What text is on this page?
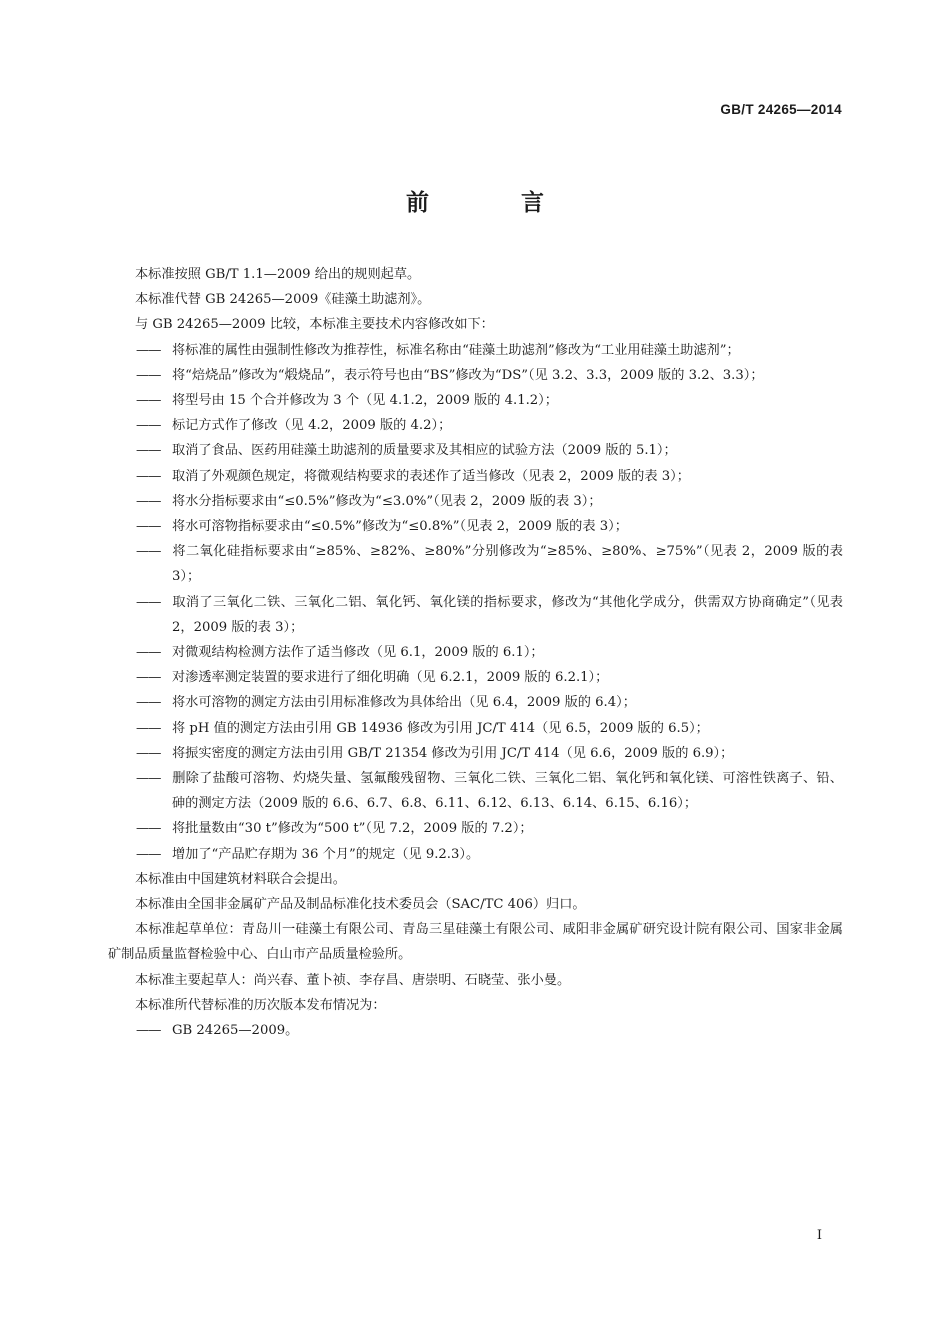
GB/T 24265—2014
前 言

本标准按照 GB/T 1.1—2009 给出的规则起草。

本标准代替 GB 24265—2009《硅藻土助滤剂》。

与 GB 24265—2009 比较，本标准主要技术内容修改如下：

—— 将标准的属性由强制性修改为推荐性，标准名称由“硅藻土助滤剂”修改为“工业用硅藻土助滤剂”；

—— 将“焙烧品”修改为“煅烧品”，表示符号也由“BS”修改为“DS”（见 3.2、3.3，2009 版的 3.2、3.3）；

—— 将型号由 15 个合并修改为 3 个（见 4.1.2，2009 版的 4.1.2）；

—— 标记方式作了修改（见 4.2，2009 版的 4.2）；

—— 取消了食品、医药用硅藻土助滤剂的质量要求及其相应的试验方法（2009 版的 5.1）；

—— 取消了外观颜色规定，将微观结构要求的表述作了适当修改（见表 2，2009 版的表 3）；

—— 将水分指标要求由“≤0.5%”修改为“≤3.0%”（见表 2，2009 版的表 3）；

—— 将水可溶物指标要求由“≤0.5%”修改为“≤0.8%”（见表 2，2009 版的表 3）；

—— 将二氧化硅指标要求由“≥85%、≥82%、≥80%”分别修改为“≥85%、≥80%、≥75%”（见表 2，2009 版的表 3）；

—— 取消了三氧化二铁、三氧化二铝、氧化钙、氧化镁的指标要求，修改为“其他化学成分，供需双方协商确定”（见表 2，2009 版的表 3）；

—— 对微观结构检测方法作了适当修改（见 6.1，2009 版的 6.1）；

—— 对渗透率测定装置的要求进行了细化明确（见 6.2.1，2009 版的 6.2.1）；

—— 将水可溶物的测定方法由引用标准修改为具体给出（见 6.4，2009 版的 6.4）；

—— 将 pH 值的测定方法由引用 GB 14936 修改为引用 JC/T 414（见 6.5，2009 版的 6.5）；

—— 将振实密度的测定方法由引用 GB/T 21354 修改为引用 JC/T 414（见 6.6，2009 版的 6.9）；

—— 删除了盐酸可溶物、灼烧失量、氢氟酸残留物、三氧化二铁、三氧化二铝、氧化钙和氧化镁、可溶性铁离子、铅、砷的测定方法（2009 版的 6.6、6.7、6.8、6.11、6.12、6.13、6.14、6.15、6.16）；

—— 将批量数由“30 t”修改为“500 t”（见 7.2，2009 版的 7.2）；

—— 增加了“产品贮存期为 36 个月”的规定（见 9.2.3）。

本标准由中国建筑材料联合会提出。

本标准由全国非金属矿产品及制品标准化技术委员会（SAC/TC 406）归口。

本标准起草单位：青岛川一硅藻土有限公司、青岛三星硅藻土有限公司、咸阳非金属矿研究设计院有限公司、国家非金属矿制品质量监督检验中心、白山市产品质量检验所。

本标准主要起草人：尚兴春、董卜祯、李存昌、唐崇明、石晓莹、张小曼。

本标准所代替标准的历次版本发布情况为：

—— GB 24265—2009。

I
